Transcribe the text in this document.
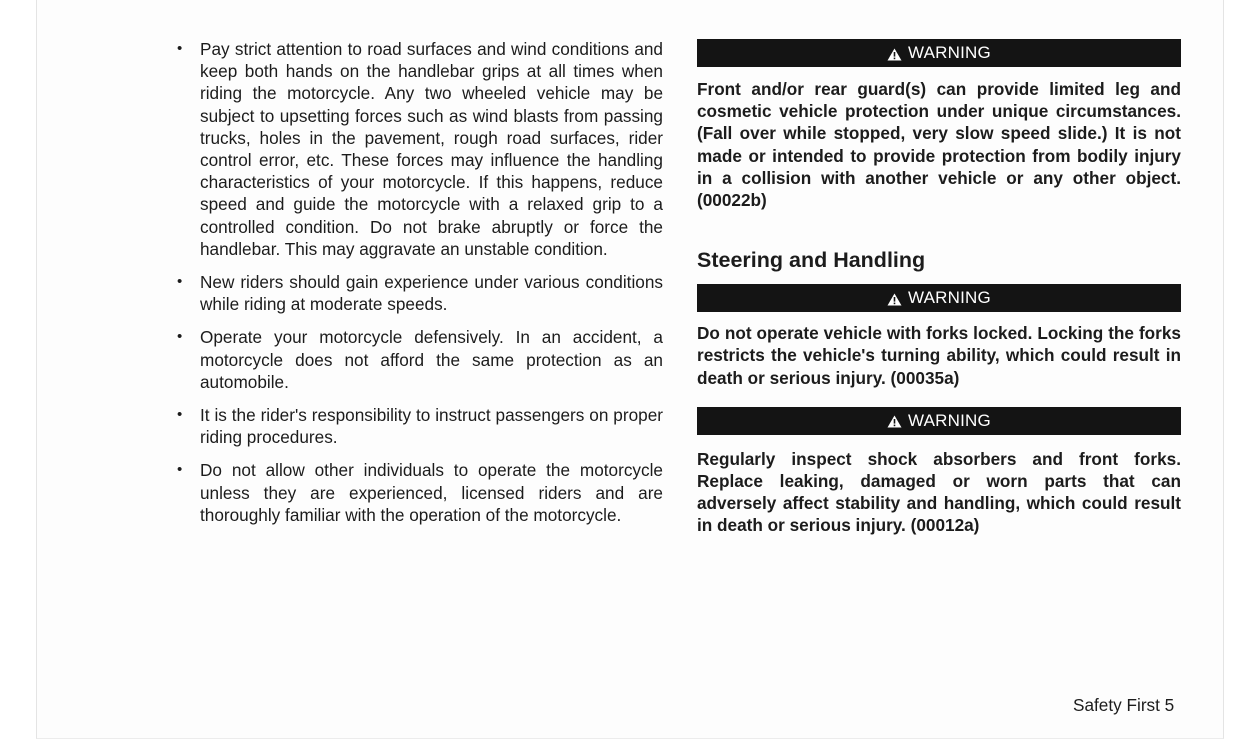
• Pay strict attention to road surfaces and wind conditions and keep both hands on the handlebar grips at all times when riding the motorcycle. Any two wheeled vehicle may be subject to upsetting forces such as wind blasts from passing trucks, holes in the pavement, rough road surfaces, rider control error, etc. These forces may influence the handling characteristics of your motorcycle. If this happens, reduce speed and guide the motorcycle with a relaxed grip to a controlled condition. Do not brake abruptly or force the handlebar. This may aggravate an unstable condition.
• New riders should gain experience under various conditions while riding at moderate speeds.
• Operate your motorcycle defensively. In an accident, a motorcycle does not afford the same protection as an automobile.
• It is the rider's responsibility to instruct passengers on proper riding procedures.
• Do not allow other individuals to operate the motorcycle unless they are experienced, licensed riders and are thoroughly familiar with the operation of the motorcycle.
WARNING

Front and/or rear guard(s) can provide limited leg and cosmetic vehicle protection under unique circumstances. (Fall over while stopped, very slow speed slide.) It is not made or intended to provide protection from bodily injury in a collision with another vehicle or any other object. (00022b)

Steering and Handling
WARNING

Do not operate vehicle with forks locked. Locking the forks restricts the vehicle's turning ability, which could result in death or serious injury. (00035a)

WARNING

Regularly inspect shock absorbers and front forks. Replace leaking, damaged or worn parts that can adversely affect stability and handling, which could result in death or serious injury. (00012a)

Safety First 5
